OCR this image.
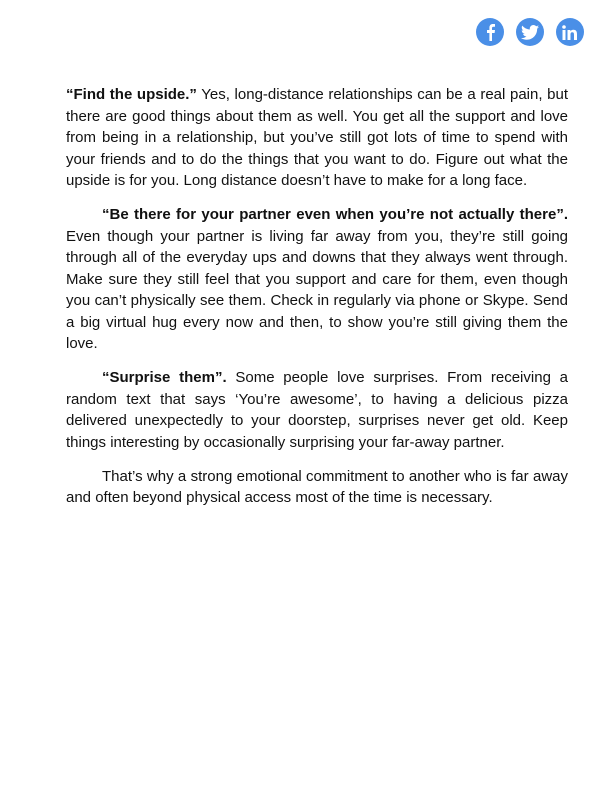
“Find the upside.” Yes, long-distance relationships can be a real pain, but there are good things about them as well. You get all the support and love from being in a relationship, but you’ve still got lots of time to spend with your friends and to do the things that you want to do. Figure out what the upside is for you. Long distance doesn’t have to make for a long face.

“Be there for your partner even when you’re not actually there”. Even though your partner is living far away from you, they’re still going through all of the everyday ups and downs that they always went through. Make sure they still feel that you support and care for them, even though you can’t physically see them. Check in regularly via phone or Skype. Send a big virtual hug every now and then, to show you’re still giving them the love.

“Surprise them”. Some people love surprises. From receiving a random text that says ‘You’re awesome’, to having a delicious pizza delivered unexpectedly to your doorstep, surprises never get old. Keep things interesting by occasionally surprising your far-away partner.

That’s why a strong emotional commitment to another who is far away and often beyond physical access most of the time is necessary.
